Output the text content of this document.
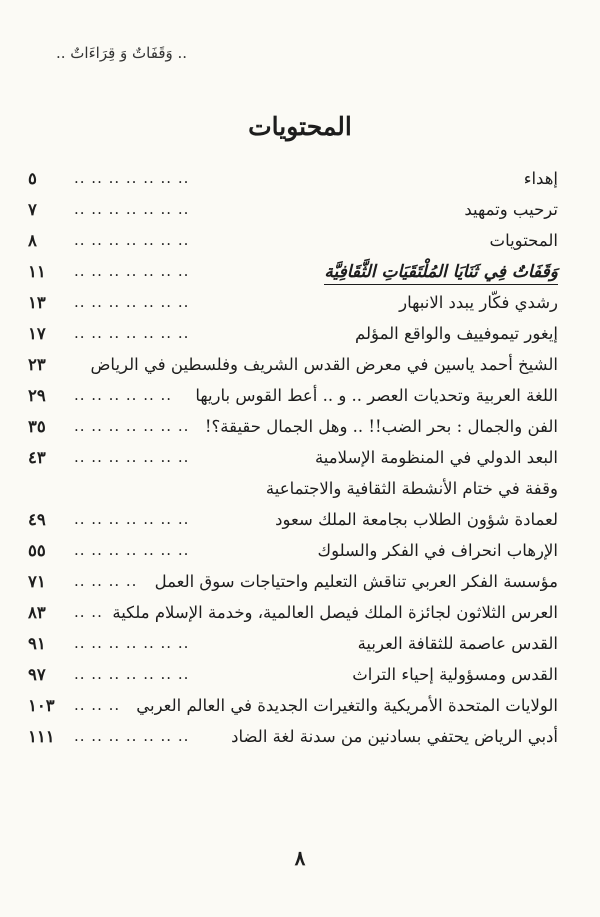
.. وَقَفَاتٌ وَ قِرَاءَاتٌ ..
المحتويات
إهداء
.. .. .. .. .. .. ..
٥
ترحيب وتمهيد
.. .. .. .. .. .. ..
٧
المحتويات
.. .. .. .. .. .. ..
٨
وَقَفَاتٌ فِي ثَنَايَا المُلْتَقَيَاتِ الثَّقَافِيَّة
.. .. .. .. .. .. ..
١١
رشدي فكّار يبدد الانبهار
.. .. .. .. .. .. ..
١٣
إيغور تيموفييف والواقع المؤلم
.. .. .. .. .. .. ..
١٧
الشيخ أحمد ياسين في معرض القدس الشريف وفلسطين في الرياض
٢٣
اللغة العربية وتحديات العصر .. و .. أعط القوس باريها
.. .. .. .. .. ..
٢٩
الفن والجمال : بحر الضب!! .. وهل الجمال حقيقة؟!
.. .. .. .. .. .. ..
٣٥
البعد الدولي في المنظومة الإسلامية
.. .. .. .. .. .. ..
٤٣
وقفة في ختام الأنشطة الثقافية والاجتماعية
لعمادة شؤون الطلاب بجامعة الملك سعود
.. .. .. .. .. .. ..
٤٩
الإرهاب انحراف في الفكر والسلوك
.. .. .. .. .. .. ..
٥٥
مؤسسة الفكر العربي تناقش التعليم واحتياجات سوق العمل
.. .. .. ..
٧١
العرس الثلاثون لجائزة الملك فيصل العالمية، وخدمة الإسلام ملكية
.. ..
٨٣
القدس عاصمة للثقافة العربية
.. .. .. .. .. .. ..
٩١
القدس ومسؤولية إحياء التراث
.. .. .. .. .. .. ..
٩٧
الولايات المتحدة الأمريكية والتغيرات الجديدة في العالم العربي
.. .. ..
١٠٣
أدبي الرياض يحتفي بسادنين من سدنة لغة الضاد
.. .. .. .. .. .. ..
١١١
٨
